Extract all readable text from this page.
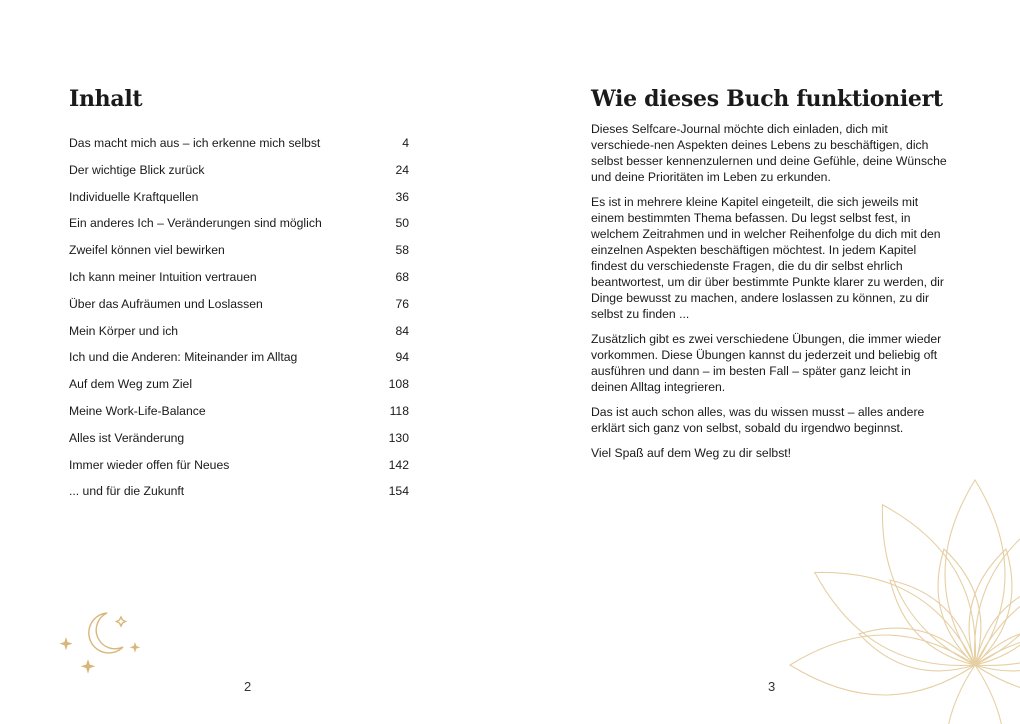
Inhalt
Das macht mich aus – ich erkenne mich selbst	4
Der wichtige Blick zurück	24
Individuelle Kraftquellen	36
Ein anderes Ich – Veränderungen sind möglich	50
Zweifel können viel bewirken	58
Ich kann meiner Intuition vertrauen	68
Über das Aufräumen und Loslassen	76
Mein Körper und ich	84
Ich und die Anderen: Miteinander im Alltag	94
Auf dem Weg zum Ziel	108
Meine Work-Life-Balance	118
Alles ist Veränderung	130
Immer wieder offen für Neues	142
... und für die Zukunft	154
2
Wie dieses Buch funktioniert

Dieses Selfcare-Journal möchte dich einladen, dich mit verschiede-nen Aspekten deines Lebens zu beschäftigen, dich selbst besser kennenzulernen und deine Gefühle, deine Wünsche und deine Prioritäten im Leben zu erkunden.

Es ist in mehrere kleine Kapitel eingeteilt, die sich jeweils mit einem bestimmten Thema befassen. Du legst selbst fest, in welchem Zeitrahmen und in welcher Reihenfolge du dich mit den einzelnen Aspekten beschäftigen möchtest. In jedem Kapitel findest du verschiedenste Fragen, die du dir selbst ehrlich beantwortest, um dir über bestimmte Punkte klarer zu werden, dir Dinge bewusst zu machen, andere loslassen zu können, zu dir selbst zu finden ...

Zusätzlich gibt es zwei verschiedene Übungen, die immer wieder vorkommen. Diese Übungen kannst du jederzeit und beliebig oft ausführen und dann – im besten Fall – später ganz leicht in deinen Alltag integrieren.

Das ist auch schon alles, was du wissen musst – alles andere erklärt sich ganz von selbst, sobald du irgendwo beginnst.

Viel Spaß auf dem Weg zu dir selbst!

3
